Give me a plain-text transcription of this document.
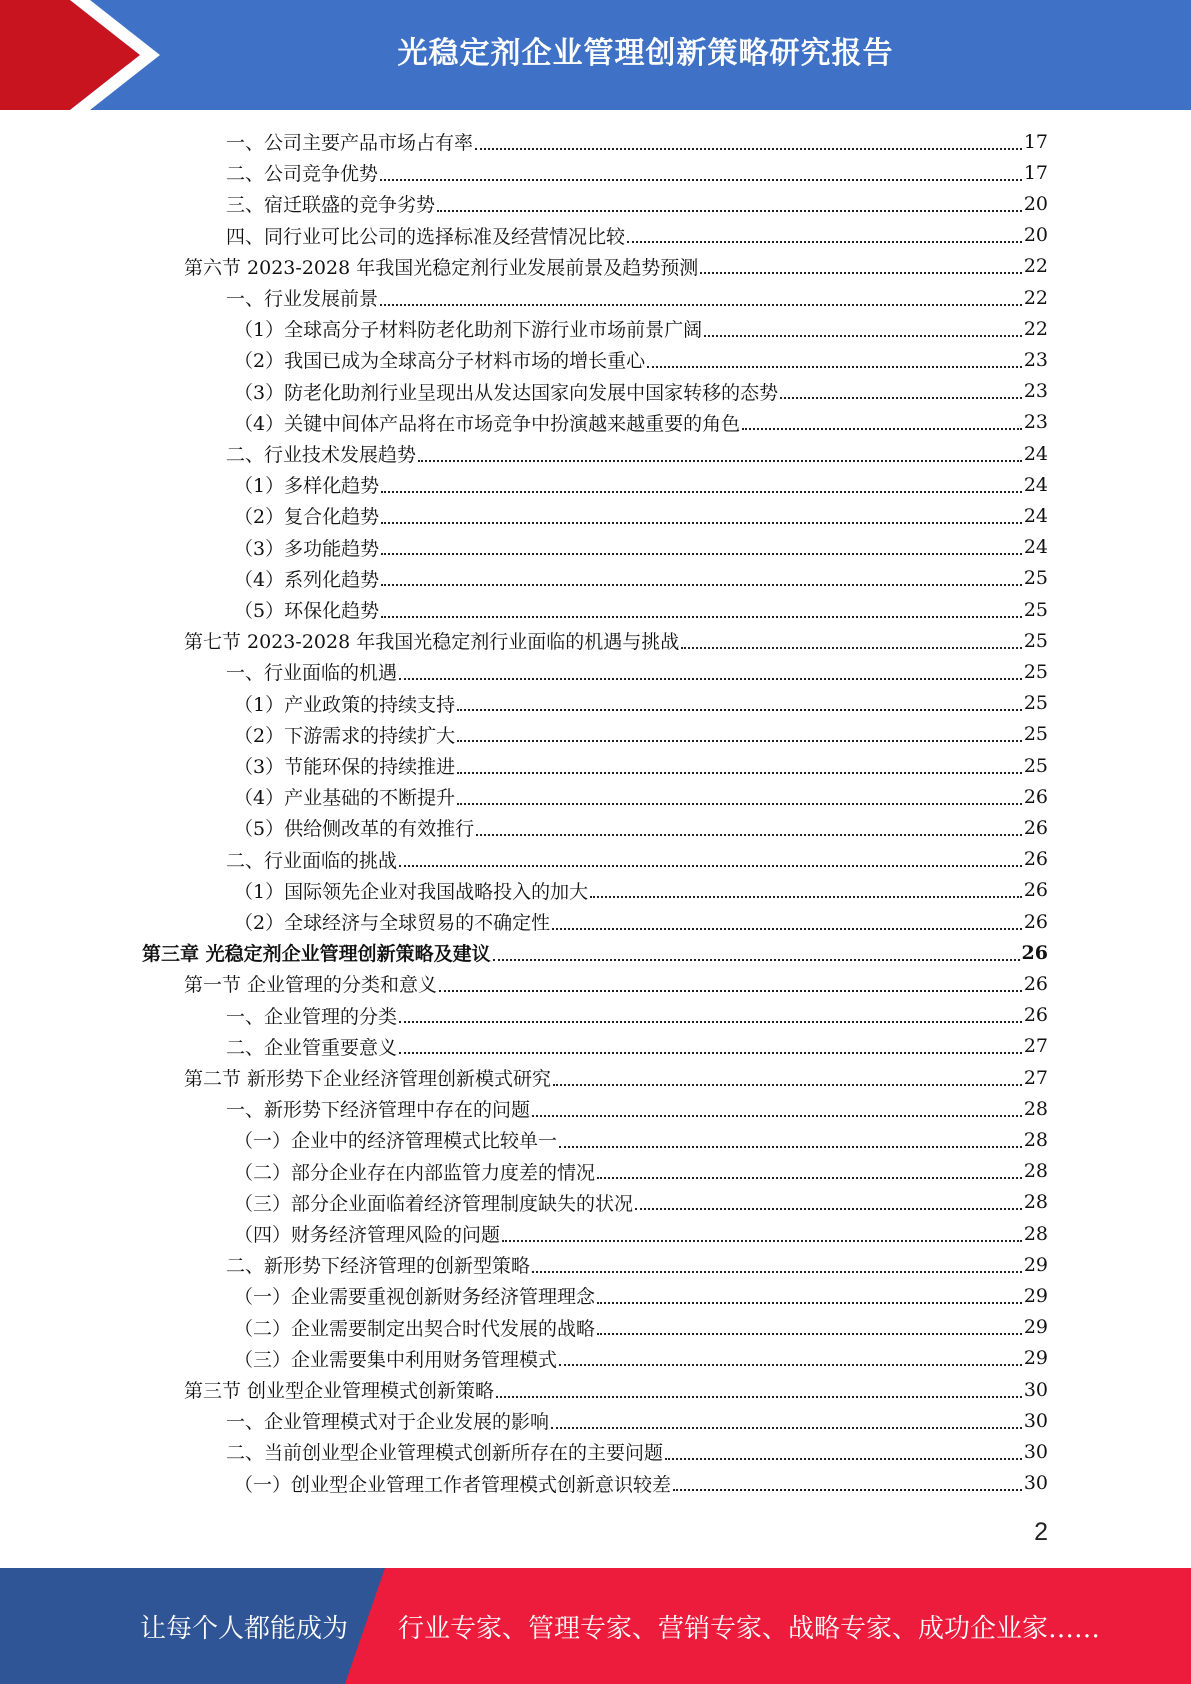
光稳定剂企业管理创新策略研究报告
一、公司主要产品市场占有率	17
二、公司竞争优势	17
三、宿迁联盛的竞争劣势	20
四、同行业可比公司的选择标准及经营情况比较	20
第六节 2023-2028 年我国光稳定剂行业发展前景及趋势预测	22
一、行业发展前景	22
（1）全球高分子材料防老化助剂下游行业市场前景广阔	22
（2）我国已成为全球高分子材料市场的增长重心	23
（3）防老化助剂行业呈现出从发达国家向发展中国家转移的态势	23
（4）关键中间体产品将在市场竞争中扮演越来越重要的角色	23
二、行业技术发展趋势	24
（1）多样化趋势	24
（2）复合化趋势	24
（3）多功能趋势	24
（4）系列化趋势	25
（5）环保化趋势	25
第七节 2023-2028 年我国光稳定剂行业面临的机遇与挑战	25
一、行业面临的机遇	25
（1）产业政策的持续支持	25
（2）下游需求的持续扩大	25
（3）节能环保的持续推进	25
（4）产业基础的不断提升	26
（5）供给侧改革的有效推行	26
二、行业面临的挑战	26
（1）国际领先企业对我国战略投入的加大	26
（2）全球经济与全球贸易的不确定性	26
第三章 光稳定剂企业管理创新策略及建议	26
第一节 企业管理的分类和意义	26
一、企业管理的分类	26
二、企业管重要意义	27
第二节 新形势下企业经济管理创新模式研究	27
一、新形势下经济管理中存在的问题	28
（一）企业中的经济管理模式比较单一	28
（二）部分企业存在内部监管力度差的情况	28
（三）部分企业面临着经济管理制度缺失的状况	28
（四）财务经济管理风险的问题	28
二、新形势下经济管理的创新型策略	29
（一）企业需要重视创新财务经济管理理念	29
（二）企业需要制定出契合时代发展的战略	29
（三）企业需要集中利用财务管理模式	29
第三节 创业型企业管理模式创新策略	30
一、企业管理模式对于企业发展的影响	30
二、当前创业型企业管理模式创新所存在的主要问题	30
（一）创业型企业管理工作者管理模式创新意识较差	30
2
让每个人都能成为 行业专家、管理专家、营销专家、战略专家、成功企业家……
